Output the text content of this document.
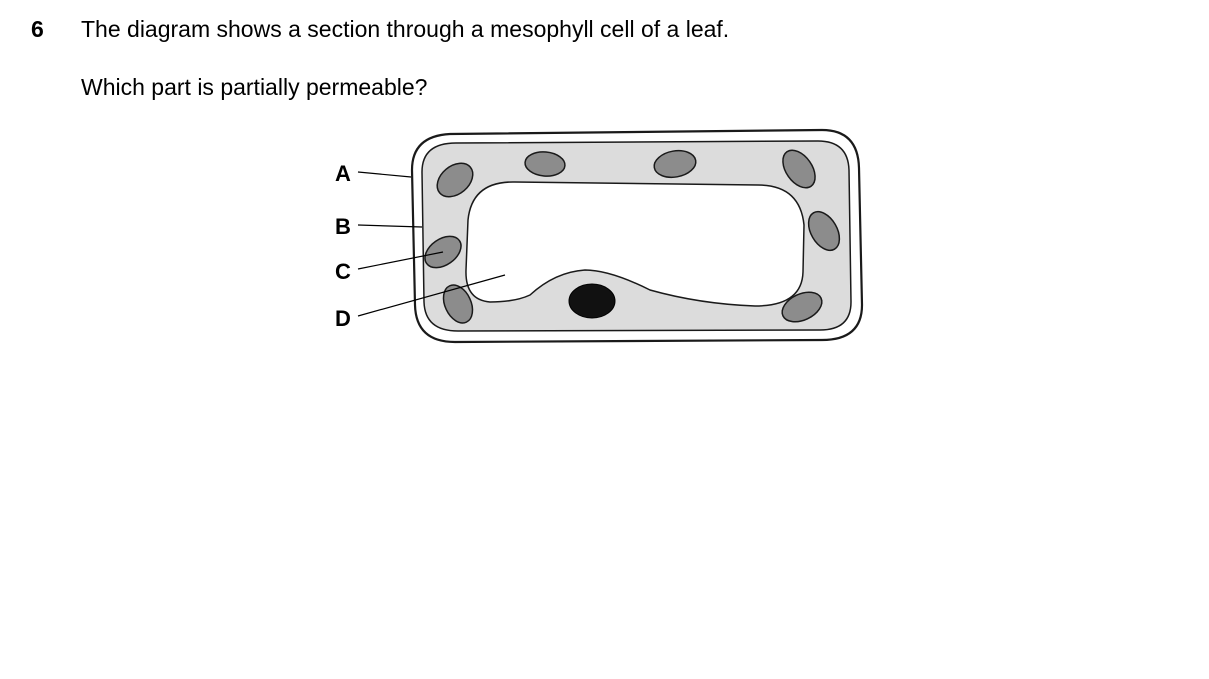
6 The diagram shows a section through a mesophyll cell of a leaf.
Which part is partially permeable?
A
B
C
D
